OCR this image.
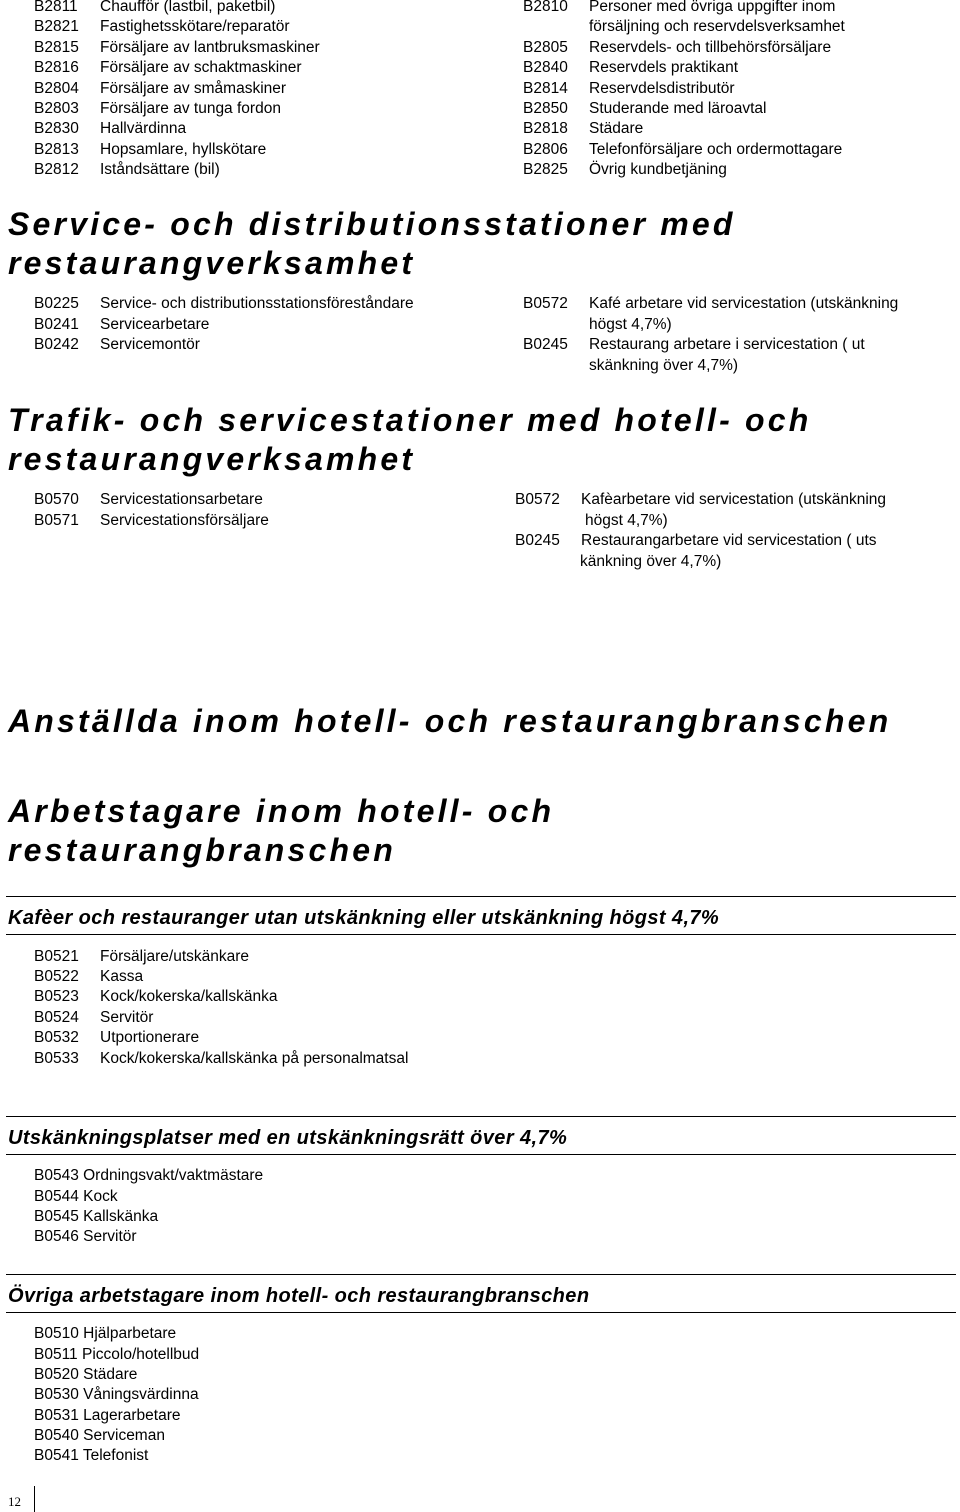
B2811 Chaufför (lastbil, paketbil)
B2821 Fastighetsskötare/reparatör
B2815 Försäljare av lantbruksmaskiner
B2816 Försäljare av schaktmaskiner
B2804 Försäljare av småmaskiner
B2803 Försäljare av tunga fordon
B2830 Hallvärdinna
B2813 Hopsamlare, hyllskötare
B2812 Iståndsättare (bil)
B2810 Personer med övriga uppgifter inom
försäljning och reservdelsverksamhet
B2805 Reservdels- och tillbehörsförsäljare
B2840 Reservdels praktikant
B2814 Reservdelsdistributör
B2850 Studerande med läroavtal
B2818 Städare
B2806 Telefonförsäljare och ordermottagare
B2825 Övrig kundbetjäning
Service- och distributionsstationer med
restaurangverksamhet
B0225 Service- och distributionsstationsföreståndare
B0241 Servicearbetare
B0242 Servicemontör
B0572 Kafé arbetare vid servicestation (utskänkning
högst 4,7%)
B0245 Restaurang arbetare i servicestation ( ut
skänkning över 4,7%)
Trafik- och servicestationer med hotell- och
restaurangverksamhet
B0570 Servicestationsarbetare
B0571 Servicestationsförsäljare
B0572 Kafèarbetare vid servicestation (utskänkning
högst 4,7%)
B0245 Restaurangarbetare vid servicestation ( uts
känkning över 4,7%)
Anställda inom hotell- och restaurangbranschen
Arbetstagare inom hotell- och
restaurangbranschen
Kafèer och restauranger utan utskänkning eller utskänkning högst 4,7%
B0521 Försäljare/utskänkare
B0522 Kassa
B0523 Kock/kokerska/kallskänka
B0524 Servitör
B0532 Utportionerare
B0533 Kock/kokerska/kallskänka på personalmatsal
Utskänkningsplatser med en utskänkningsrätt över 4,7%
B0543 Ordningsvakt/vaktmästare
B0544 Kock
B0545 Kallskänka
B0546 Servitör
Övriga arbetstagare inom hotell- och restaurangbranschen
B0510 Hjälparbetare
B0511 Piccolo/hotellbud
B0520 Städare
B0530 Våningsvärdinna
B0531 Lagerarbetare
B0540 Serviceman
B0541 Telefonist
12
